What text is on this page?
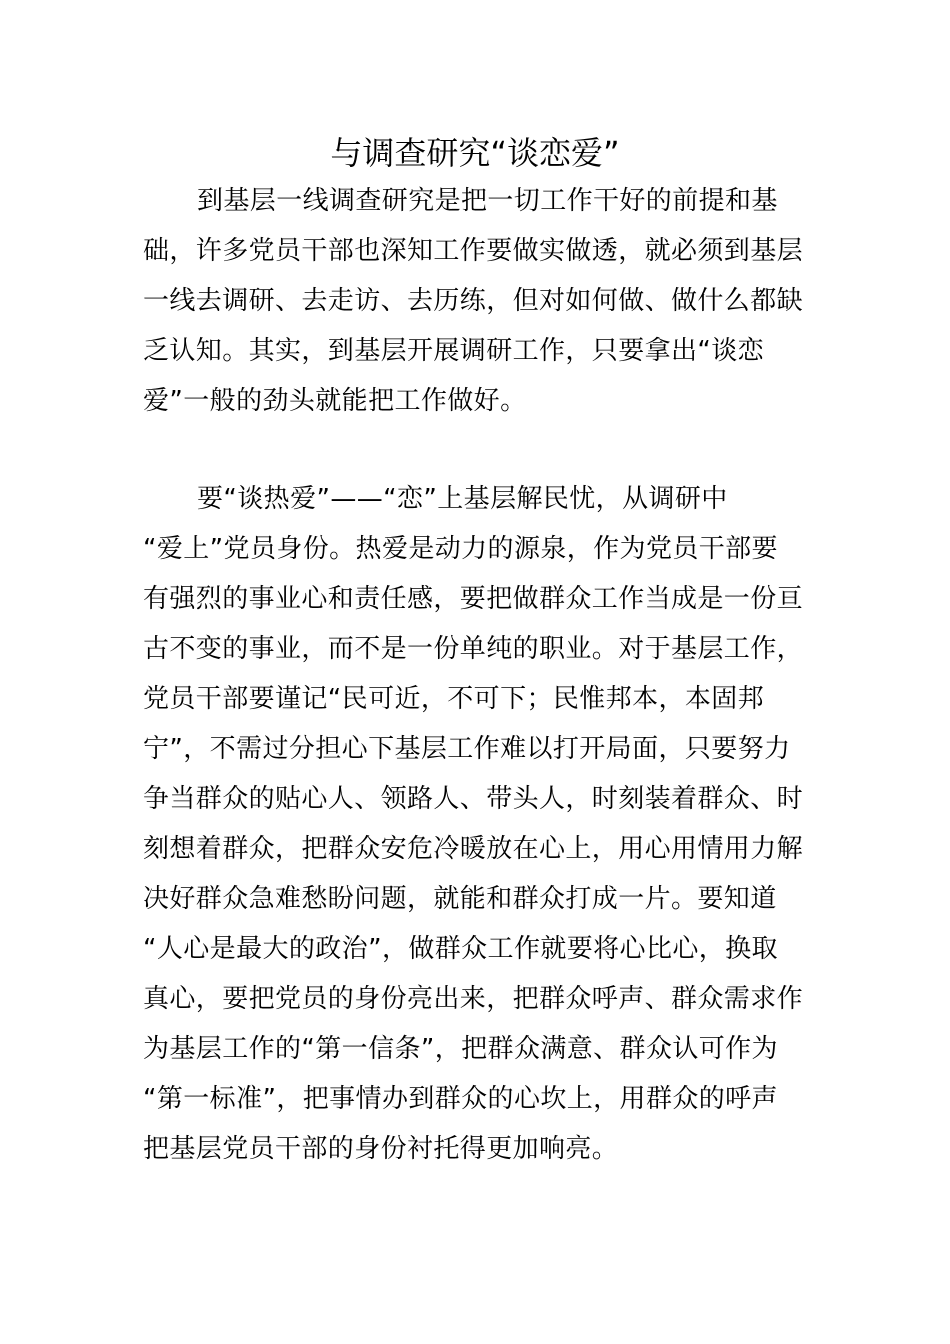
与调查研究“谈恋爱”
到基层一线调查研究是把一切工作干好的前提和基
础，许多党员干部也深知工作要做实做透，就必须到基层
一线去调研、去走访、去历练，但对如何做、做什么都缺
乏认知。其实，到基层开展调研工作，只要拿出“谈恋
爱”一般的劲头就能把工作做好。
要“谈热爱”——“恋”上基层解民忧，从调研中
“爱上”党员身份。热爱是动力的源泉，作为党员干部要
有强烈的事业心和责任感，要把做群众工作当成是一份亘
古不变的事业，而不是一份单纯的职业。对于基层工作，
党员干部要谨记“民可近，不可下；民惟邦本，本固邦
宁”，不需过分担心下基层工作难以打开局面，只要努力
争当群众的贴心人、领路人、带头人，时刻装着群众、时
刻想着群众，把群众安危冷暖放在心上，用心用情用力解
决好群众急难愁盼问题，就能和群众打成一片。要知道
“人心是最大的政治”，做群众工作就要将心比心，换取
真心，要把党员的身份亮出来，把群众呼声、群众需求作
为基层工作的“第一信条”，把群众满意、群众认可作为
“第一标准”，把事情办到群众的心坎上，用群众的呼声
把基层党员干部的身份衬托得更加响亮。
